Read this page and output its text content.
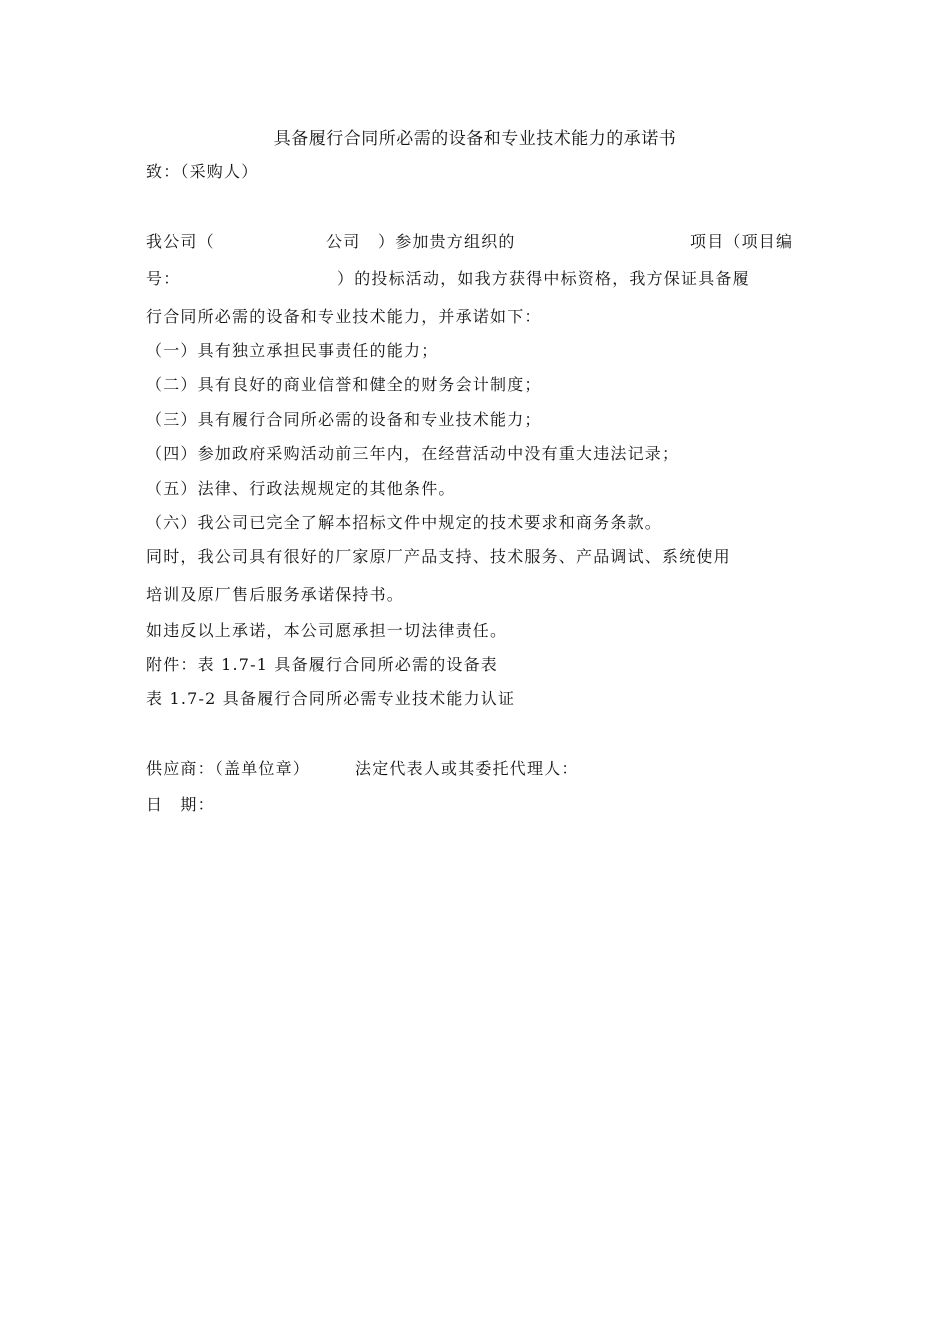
具备履行合同所必需的设备和专业技术能力的承诺书
致：（采购人）
我公司（	公司 ）参加贵方组织的	项目（项目编
号：	）的投标活动，如我方获得中标资格，我方保证具备履
行合同所必需的设备和专业技术能力，并承诺如下：
（一）具有独立承担民事责任的能力；
（二）具有良好的商业信誉和健全的财务会计制度；
（三）具有履行合同所必需的设备和专业技术能力；
（四）参加政府采购活动前三年内，在经营活动中没有重大违法记录；
（五）法律、行政法规规定的其他条件。
（六）我公司已完全了解本招标文件中规定的技术要求和商务条款。
同时，我公司具有很好的厂家原厂产品支持、技术服务、产品调试、系统使用
培训及原厂售后服务承诺保持书。
如违反以上承诺，本公司愿承担一切法律责任。
附件：表 1.7-1 具备履行合同所必需的设备表
表 1.7-2 具备履行合同所必需专业技术能力认证
供应商：（盖单位章）	法定代表人或其委托代理人：
日　期：
